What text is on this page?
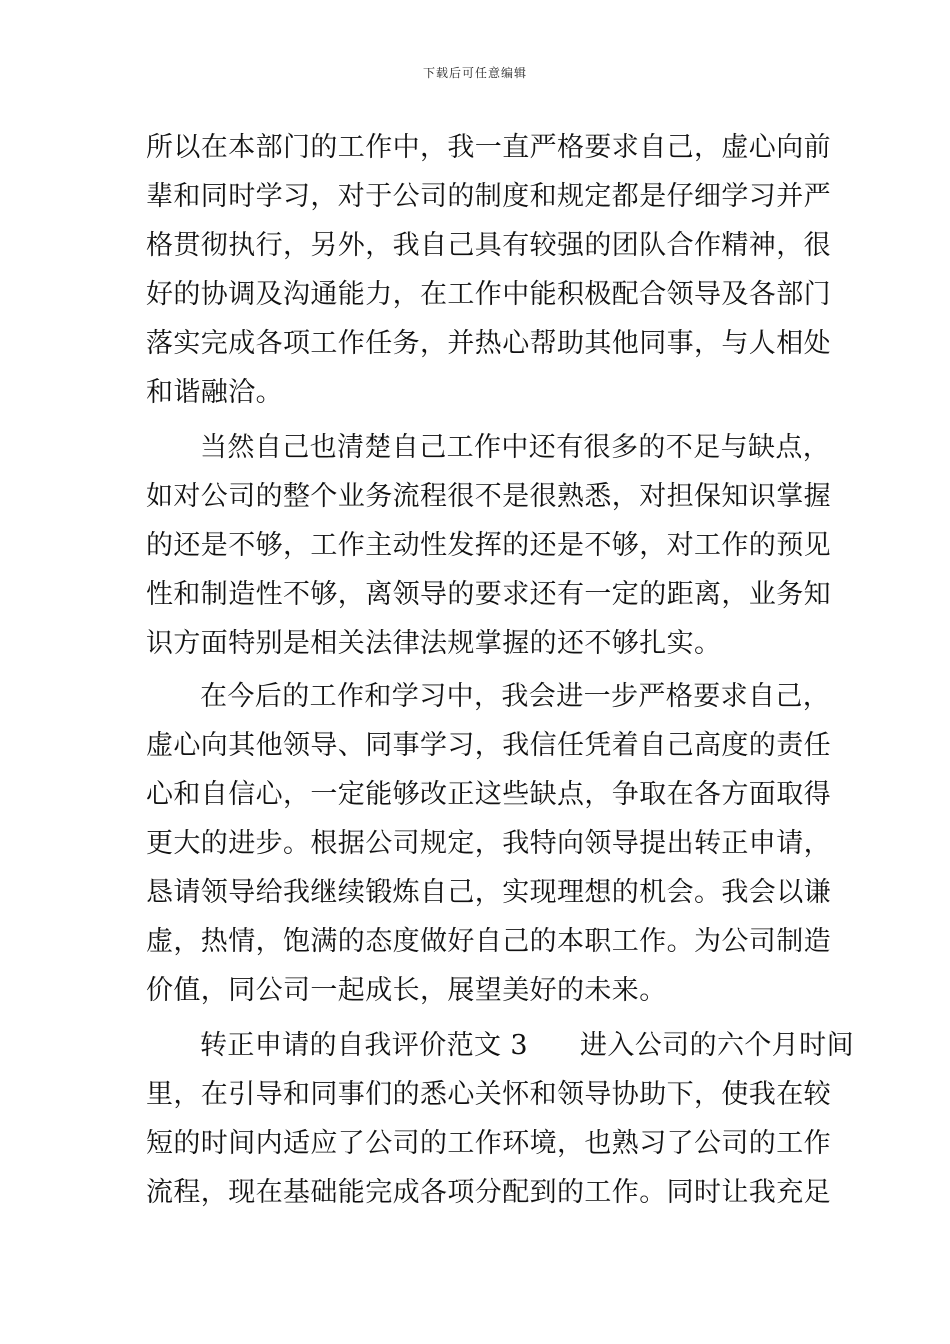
下载后可任意编辑
所以在本部门的工作中，我一直严格要求自己，虚心向前
辈和同时学习，对于公司的制度和规定都是仔细学习并严
格贯彻执行，另外，我自己具有较强的团队合作精神，很
好的协调及沟通能力，在工作中能积极配合领导及各部门
落实完成各项工作任务，并热心帮助其他同事，与人相处
和谐融洽。
当然自己也清楚自己工作中还有很多的不足与缺点，
如对公司的整个业务流程很不是很熟悉，对担保知识掌握
的还是不够，工作主动性发挥的还是不够，对工作的预见
性和制造性不够，离领导的要求还有一定的距离，业务知
识方面特别是相关法律法规掌握的还不够扎实。
在今后的工作和学习中，我会进一步严格要求自己，
虚心向其他领导、同事学习，我信任凭着自己高度的责任
心和自信心，一定能够改正这些缺点，争取在各方面取得
更大的进步。根据公司规定，我特向领导提出转正申请，
恳请领导给我继续锻炼自己，实现理想的机会。我会以谦
虚，热情，饱满的态度做好自己的本职工作。为公司制造
价值，同公司一起成长，展望美好的未来。
转正申请的自我评价范文 3 进入公司的六个月时间
里，在引导和同事们的悉心关怀和领导协助下，使我在较
短的时间内适应了公司的工作环境，也熟习了公司的工作
流程，现在基础能完成各项分配到的工作。同时让我充足
